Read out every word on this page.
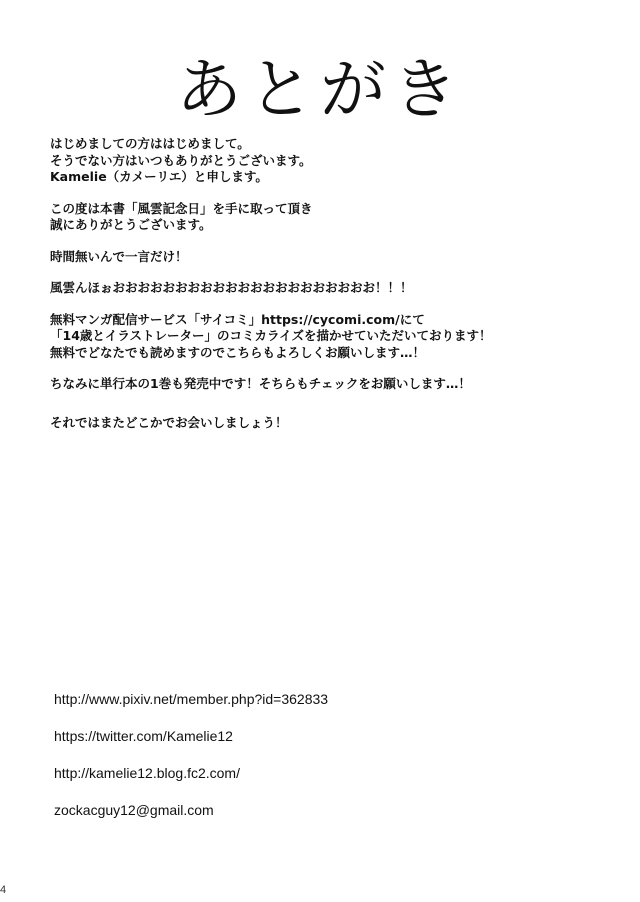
あとがき

はじめましての方ははじめまして。
そうでない方はいつもありがとうございます。
Kamelie（カメーリエ）と申します。

この度は本書「風雲記念日」を手に取って頂き
誠にありがとうございます。

時間無いんで一言だけ！

風雲んほぉおおおおおおおおおおおおおおおおおおおおお！！！

無料マンガ配信サービス「サイコミ」https://cycomi.com/にて
「14歳とイラストレーター」のコミカライズを描かせていただいております！
無料でどなたでも読めますのでこちらもよろしくお願いします…！

ちなみに単行本の1巻も発売中です！そちらもチェックをお願いします…！

それではまたどこかでお会いしましょう！

http://www.pixiv.net/member.php?id=362833
https://twitter.com/Kamelie12
http://kamelie12.blog.fc2.com/
zockacguy12@gmail.com
4
